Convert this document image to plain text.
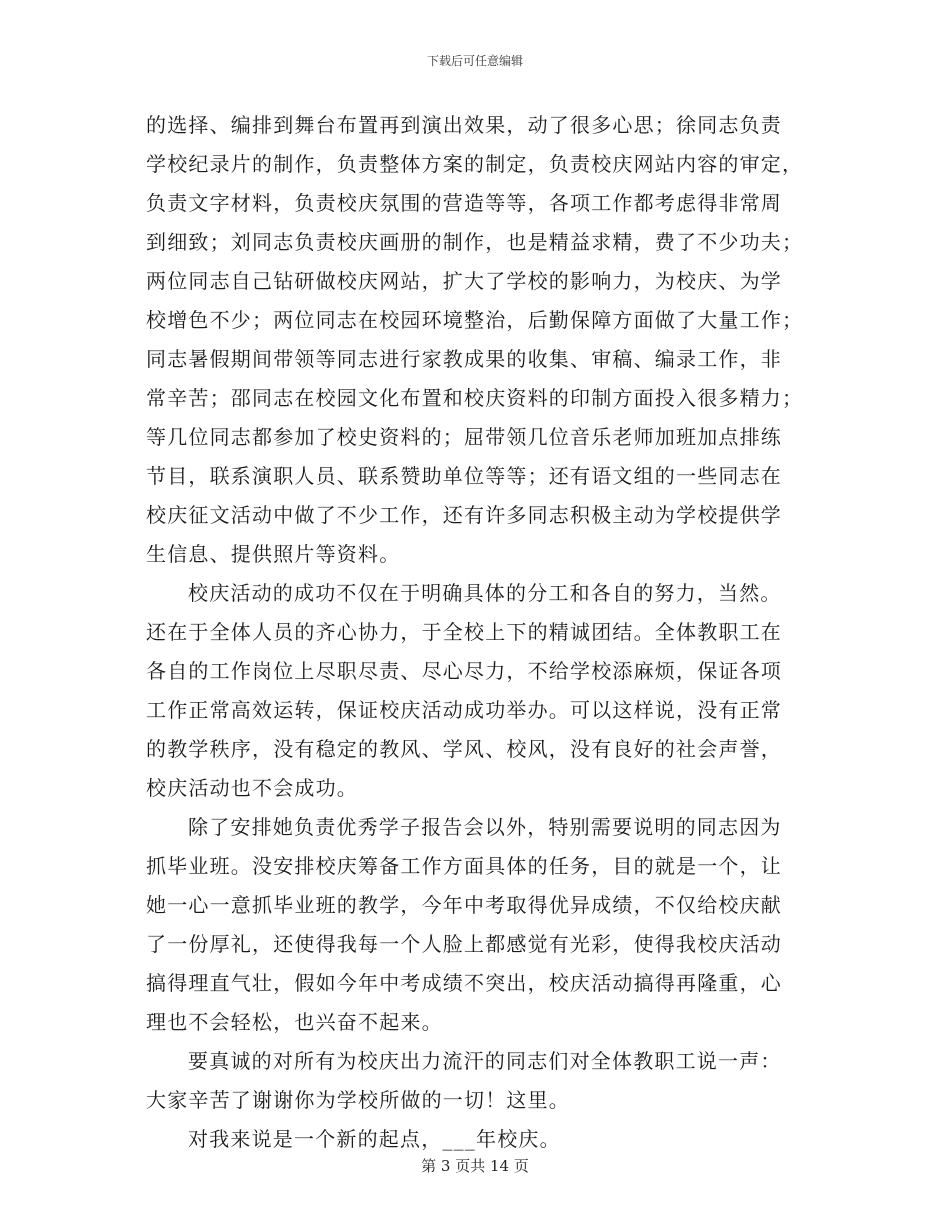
下载后可任意编辑
的选择、编排到舞台布置再到演出效果，动了很多心思；徐同志负责
学校纪录片的制作，负责整体方案的制定，负责校庆网站内容的审定，
负责文字材料，负责校庆氛围的营造等等，各项工作都考虑得非常周
到细致；刘同志负责校庆画册的制作，也是精益求精，费了不少功夫；
两位同志自己钻研做校庆网站，扩大了学校的影响力，为校庆、为学
校增色不少；两位同志在校园环境整治，后勤保障方面做了大量工作；
同志暑假期间带领等同志进行家教成果的收集、审稿、编录工作，非
常辛苦；邵同志在校园文化布置和校庆资料的印制方面投入很多精力；
等几位同志都参加了校史资料的；屈带领几位音乐老师加班加点排练
节目，联系演职人员、联系赞助单位等等；还有语文组的一些同志在
校庆征文活动中做了不少工作，还有许多同志积极主动为学校提供学
生信息、提供照片等资料。
校庆活动的成功不仅在于明确具体的分工和各自的努力，当然。
还在于全体人员的齐心协力，于全校上下的精诚团结。全体教职工在
各自的工作岗位上尽职尽责、尽心尽力，不给学校添麻烦，保证各项
工作正常高效运转，保证校庆活动成功举办。可以这样说，没有正常
的教学秩序，没有稳定的教风、学风、校风，没有良好的社会声誉，
校庆活动也不会成功。
除了安排她负责优秀学子报告会以外，特别需要说明的同志因为
抓毕业班。没安排校庆筹备工作方面具体的任务，目的就是一个，让
她一心一意抓毕业班的教学，今年中考取得优异成绩，不仅给校庆献
了一份厚礼，还使得我每一个人脸上都感觉有光彩，使得我校庆活动
搞得理直气壮，假如今年中考成绩不突出，校庆活动搞得再隆重，心
理也不会轻松，也兴奋不起来。
要真诚的对所有为校庆出力流汗的同志们对全体教职工说一声：
大家辛苦了谢谢你为学校所做的一切！这里。
对我来说是一个新的起点，___年校庆。
第 3 页共 14 页
